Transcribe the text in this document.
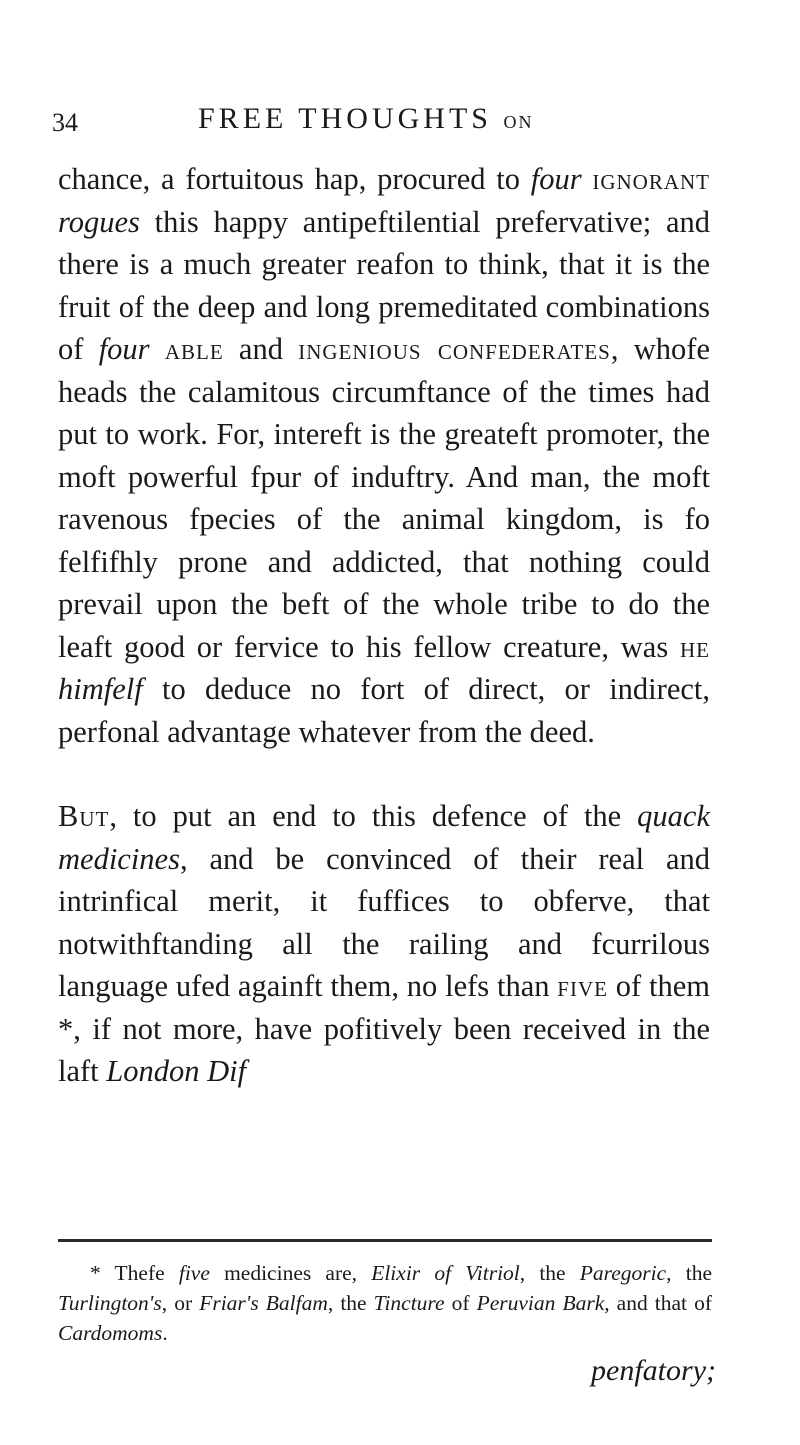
34	FREE THOUGHTS ON

chance, a fortuitous hap, procured to four ignorant rogues this happy antipeftilential prefervative; and there is a much greater reafon to think, that it is the fruit of the deep and long premeditated combinations of four able and ingenious confederates, whofe heads the calamitous circumftance of the times had put to work. For, intereft is the greateft promoter, the moft powerful fpur of induftry. And man, the moft ravenous fpecies of the animal kingdom, is fo felfifhly prone and addicted, that nothing could prevail upon the beft of the whole tribe to do the leaft good or fervice to his fellow creature, was he himfelf to deduce no fort of direct, or indirect, perfonal advantage whatever from the deed.

But, to put an end to this defence of the quack medicines, and be convinced of their real and intrinfical merit, it fuffices to obferve, that notwithftanding all the railing and fcurrilous language ufed againft them, no lefs than five of them *, if not more, have pofitively been received in the laft London Dif

* Thefe five medicines are, Elixir of Vitriol, the Paregoric, the Turlington's, or Friar's Balfam, the Tincture of Peruvian Bark, and that of Cardomoms.

penfatory;
